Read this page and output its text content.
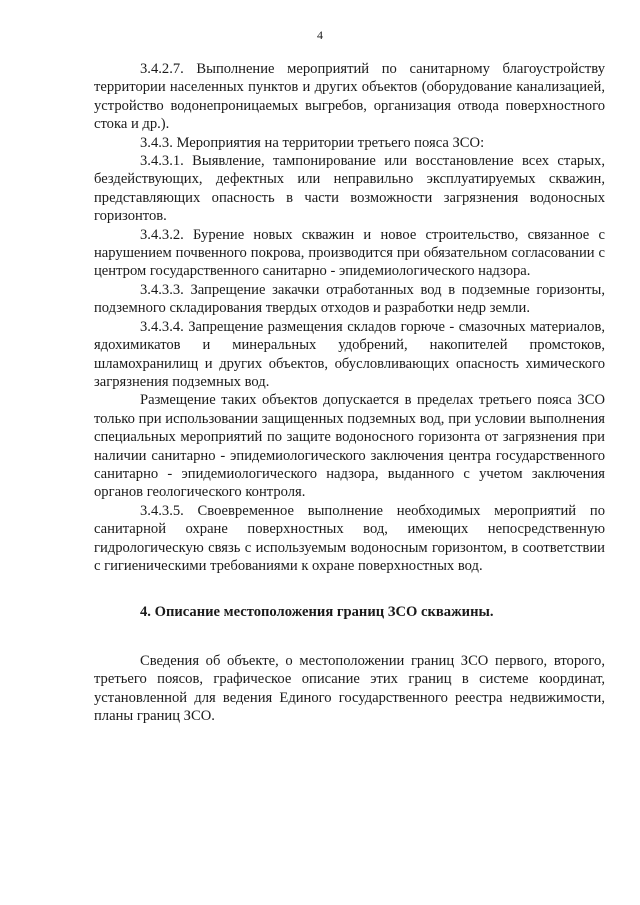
4

3.4.2.7. Выполнение мероприятий по санитарному благоустройству территории населенных пунктов и других объектов (оборудование канализацией, устройство водонепроницаемых выгребов, организация отвода поверхностного стока и др.).

3.4.3. Мероприятия на территории третьего пояса ЗСО:

3.4.3.1. Выявление, тампонирование или восстановление всех старых, бездействующих, дефектных или неправильно эксплуатируемых скважин, представляющих опасность в части возможности загрязнения водоносных горизонтов.

3.4.3.2. Бурение новых скважин и новое строительство, связанное с нарушением почвенного покрова, производится при обязательном согласовании с центром государственного санитарно - эпидемиологического надзора.

3.4.3.3. Запрещение закачки отработанных вод в подземные горизонты, подземного складирования твердых отходов и разработки недр земли.

3.4.3.4. Запрещение размещения складов горюче - смазочных материалов, ядохимикатов и минеральных удобрений, накопителей промстоков, шламохранилищ и других объектов, обусловливающих опасность химического загрязнения подземных вод.

Размещение таких объектов допускается в пределах третьего пояса ЗСО только при использовании защищенных подземных вод, при условии выполнения специальных мероприятий по защите водоносного горизонта от загрязнения при наличии санитарно - эпидемиологического заключения центра государственного санитарно - эпидемиологического надзора, выданного с учетом заключения органов геологического контроля.

3.4.3.5. Своевременное выполнение необходимых мероприятий по санитарной охране поверхностных вод, имеющих непосредственную гидрологическую связь с используемым водоносным горизонтом, в соответствии с гигиеническими требованиями к охране поверхностных вод.

4. Описание местоположения границ ЗСО скважины.

Сведения об объекте, о местоположении границ ЗСО первого, второго, третьего поясов, графическое описание этих границ в системе координат, установленной для ведения Единого государственного реестра недвижимости, планы границ ЗСО.
